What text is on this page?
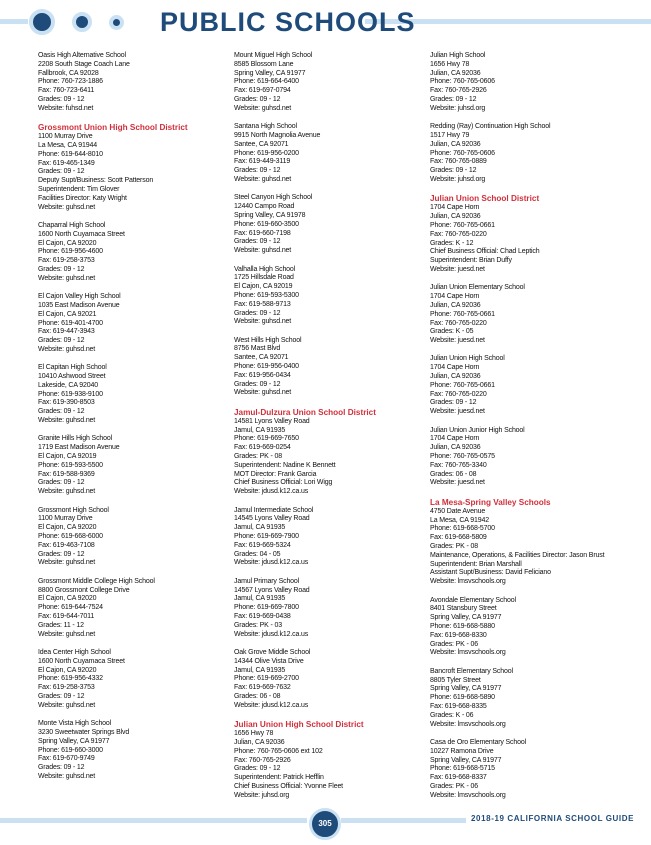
PUBLIC SCHOOLS
Oasis High Alternative School
2208 South Stage Coach Lane
Fallbrook, CA 92028
Phone: 760-723-1886
Fax: 760-723-6411
Grades: 09 - 12
Website: fuhsd.net
Grossmont Union High School District
1100 Murray Drive
La Mesa, CA 91944
Phone: 619-644-8010
Fax: 619-465-1349
Grades: 09 - 12
Deputy Supt/Business: Scott Patterson
Superintendent: Tim Glover
Facilities Director: Katy Wright
Website: guhsd.net
Chaparral High School
1600 North Cuyamaca Street
El Cajon, CA 92020
Phone: 619-956-4600
Fax: 619-258-3753
Grades: 09 - 12
Website: guhsd.net
El Cajon Valley High School
1035 East Madison Avenue
El Cajon, CA 92021
Phone: 619-401-4700
Fax: 619-447-3943
Grades: 09 - 12
Website: guhsd.net
El Capitan High School
10410 Ashwood Street
Lakeside, CA 92040
Phone: 619-938-9100
Fax: 619-390-8503
Grades: 09 - 12
Website: guhsd.net
Granite Hills High School
1719 East Madison Avenue
El Cajon, CA 92019
Phone: 619-593-5500
Fax: 619-588-9369
Grades: 09 - 12
Website: guhsd.net
Grossmont High School
1100 Murray Drive
El Cajon, CA 92020
Phone: 619-668-6000
Fax: 619-463-7108
Grades: 09 - 12
Website: guhsd.net
Grossmont Middle College High School
8800 Grossmont College Drive
El Cajon, CA 92020
Phone: 619-644-7524
Fax: 619-644-7011
Grades: 11 - 12
Website: guhsd.net
Idea Center High School
1600 North Cuyamaca Street
El Cajon, CA 92020
Phone: 619-956-4332
Fax: 619-258-3753
Grades: 09 - 12
Website: guhsd.net
Monte Vista High School
3230 Sweetwater Springs Blvd
Spring Valley, CA 91977
Phone: 619-660-3000
Fax: 619-670-9749
Grades: 09 - 12
Website: guhsd.net
Mount Miguel High School
8585 Blossom Lane
Spring Valley, CA 91977
Phone: 619-664-6400
Fax: 619-697-0794
Grades: 09 - 12
Website: guhsd.net
Santana High School
9915 North Magnolia Avenue
Santee, CA 92071
Phone: 619-956-0200
Fax: 619-449-3119
Grades: 09 - 12
Website: guhsd.net
Steel Canyon High School
12440 Campo Road
Spring Valley, CA 91978
Phone: 619-660-3500
Fax: 619-660-7198
Grades: 09 - 12
Website: guhsd.net
Valhalla High School
1725 Hillsdale Road
El Cajon, CA 92019
Phone: 619-593-5300
Fax: 619-588-9713
Grades: 09 - 12
Website: guhsd.net
West Hills High School
8756 Mast Blvd
Santee, CA 92071
Phone: 619-956-0400
Fax: 619-956-0434
Grades: 09 - 12
Website: guhsd.net
Jamul-Dulzura Union School District
14581 Lyons Valley Road
Jamul, CA 91935
Phone: 619-669-7650
Fax: 619-669-0254
Grades: PK - 08
Superintendent: Nadine K Bennett
MOT Director: Frank Garcia
Chief Business Official: Lori Wigg
Website: jdusd.k12.ca.us
Jamul Intermediate School
14545 Lyons Valley Road
Jamul, CA 91935
Phone: 619-669-7900
Fax: 619-669-5324
Grades: 04 - 05
Website: jdusd.k12.ca.us
Jamul Primary School
14567 Lyons Valley Road
Jamul, CA 91935
Phone: 619-669-7800
Fax: 619-669-0438
Grades: PK - 03
Website: jdusd.k12.ca.us
Oak Grove Middle School
14344 Olive Vista Drive
Jamul, CA 91935
Phone: 619-669-2700
Fax: 619-669-7632
Grades: 06 - 08
Website: jdusd.k12.ca.us
Julian Union High School District
1656 Hwy 78
Julian, CA 92036
Phone: 760-765-0606 ext 102
Fax: 760-765-2926
Grades: 09 - 12
Superintendent: Patrick Hefflin
Chief Business Official: Yvonne Fleet
Website: juhsd.org
Julian High School
1656 Hwy 78
Julian, CA 92036
Phone: 760-765-0606
Fax: 760-765-2926
Grades: 09 - 12
Website: juhsd.org
Redding (Ray) Continuation High School
1517 Hwy 79
Julian, CA 92036
Phone: 760-765-0606
Fax: 760-765-0889
Grades: 09 - 12
Website: juhsd.org
Julian Union School District
1704 Cape Horn
Julian, CA 92036
Phone: 760-765-0661
Fax: 760-765-0220
Grades: K - 12
Chief Business Official: Chad Leptich
Superintendent: Brian Duffy
Website: juesd.net
Julian Union Elementary School
1704 Cape Horn
Julian, CA 92036
Phone: 760-765-0661
Fax: 760-765-0220
Grades: K - 05
Website: juesd.net
Julian Union High School
1704 Cape Horn
Julian, CA 92036
Phone: 760-765-0661
Fax: 760-765-0220
Grades: 09 - 12
Website: juesd.net
Julian Union Junior High School
1704 Cape Horn
Julian, CA 92036
Phone: 760-765-0575
Fax: 760-765-3340
Grades: 06 - 08
Website: juesd.net
La Mesa-Spring Valley Schools
4750 Date Avenue
La Mesa, CA 91942
Phone: 619-668-5700
Fax: 619-668-5809
Grades: PK - 08
Maintenance, Operations, & Facilities Director: Jason Brust
Superintendent: Brian Marshall
Assistant Supt/Business: David Feliciano
Website: lmsvschools.org
Avondale Elementary School
8401 Stansbury Street
Spring Valley, CA 91977
Phone: 619-668-5880
Fax: 619-668-8330
Grades: PK - 06
Website: lmsvschools.org
Bancroft Elementary School
8805 Tyler Street
Spring Valley, CA 91977
Phone: 619-668-5890
Fax: 619-668-8335
Grades: K - 06
Website: lmsvschools.org
Casa de Oro Elementary School
10227 Ramona Drive
Spring Valley, CA 91977
Phone: 619-668-5715
Fax: 619-668-8337
Grades: PK - 06
Website: lmsvschools.org
305
2018-19 CALIFORNIA SCHOOL GUIDE
